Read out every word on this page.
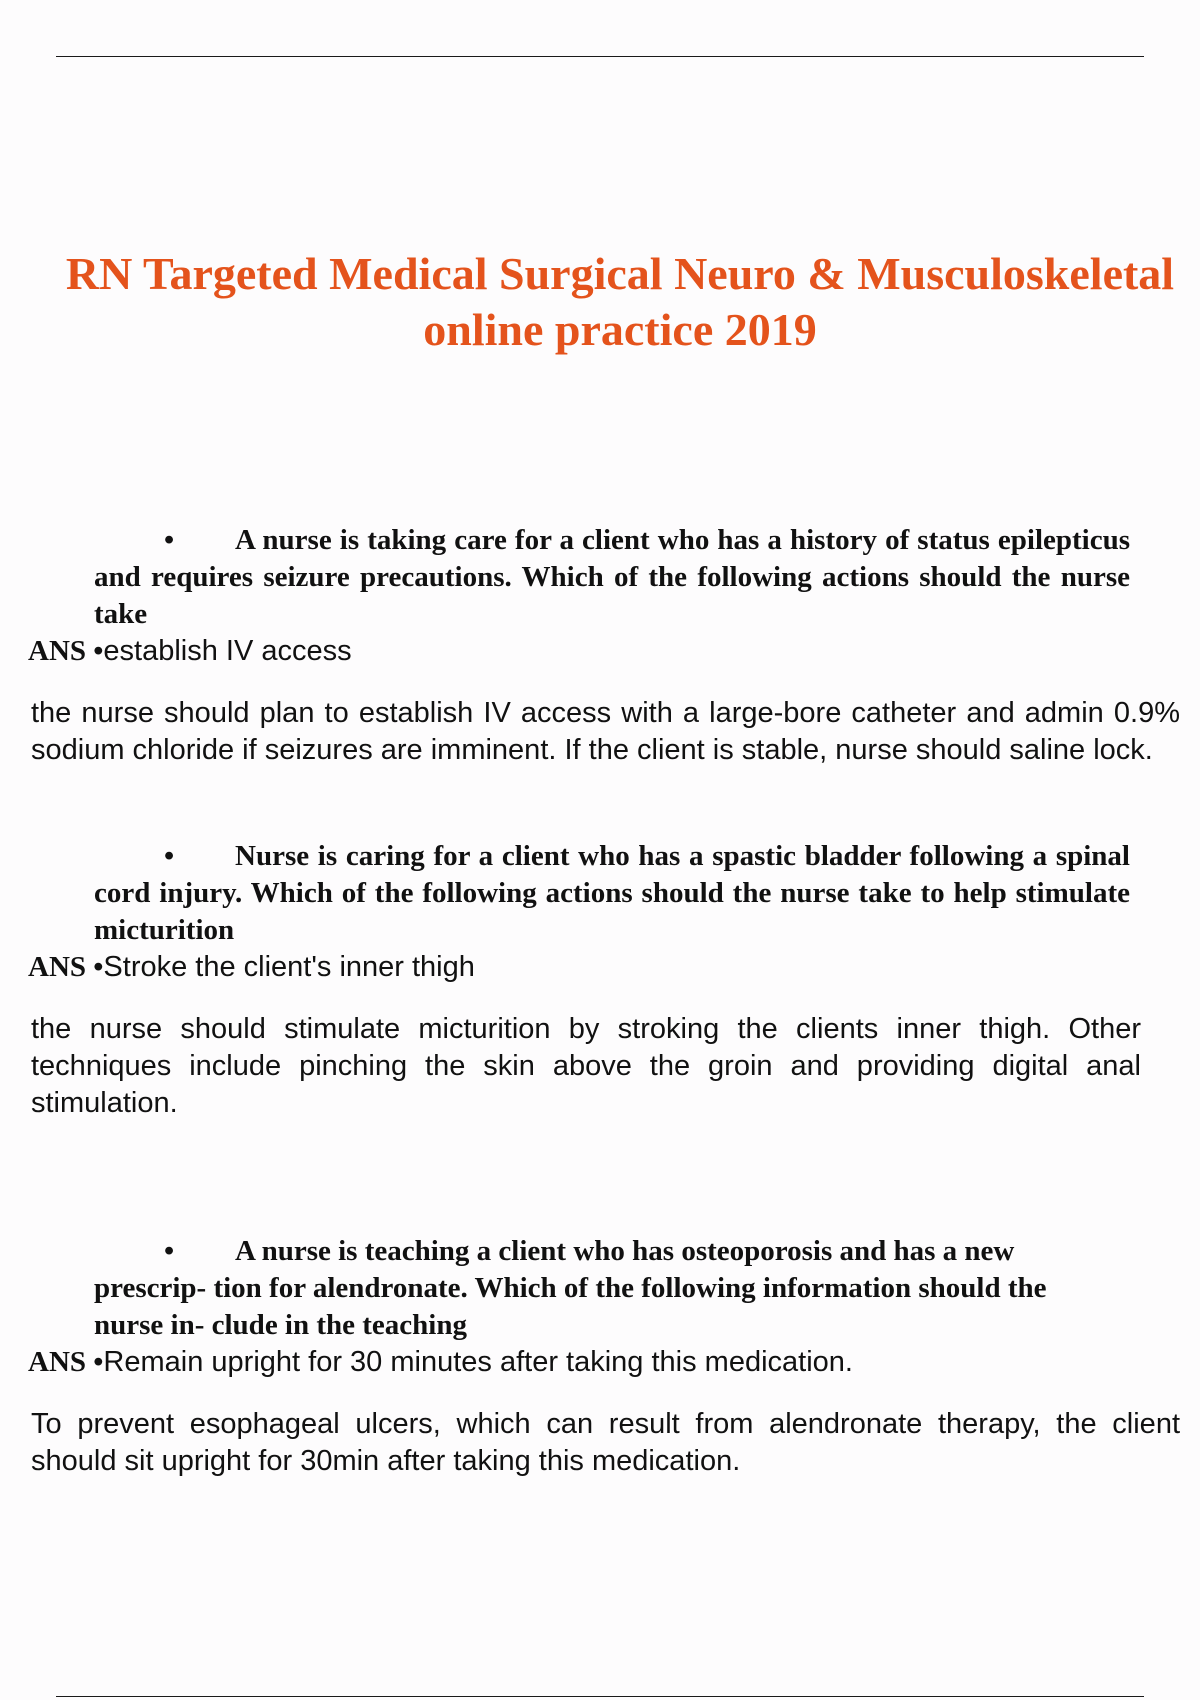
RN Targeted Medical Surgical Neuro & Musculoskeletal
online practice 2019

• A nurse is taking care for a client who has a history of status epilepticus and requires seizure precautions. Which of the following actions should the nurse take

ANS •establish IV access

the nurse should plan to establish IV access with a large-bore catheter and admin 0.9% sodium chloride if seizures are imminent. If the client is stable, nurse should saline lock.

• Nurse is caring for a client who has a spastic bladder following a spinal cord injury. Which of the following actions should the nurse take to help stimulate micturition

ANS •Stroke the client's inner thigh

the nurse should stimulate micturition by stroking the clients inner thigh. Other techniques include pinching the skin above the groin and providing digital anal stimulation.

• A nurse is teaching a client who has osteoporosis and has a new prescrip- tion for alendronate. Which of the following information should the nurse in- clude in the teaching

ANS •Remain upright for 30 minutes after taking this medication.

To prevent esophageal ulcers, which can result from alendronate therapy, the client should sit upright for 30min after taking this medication.
